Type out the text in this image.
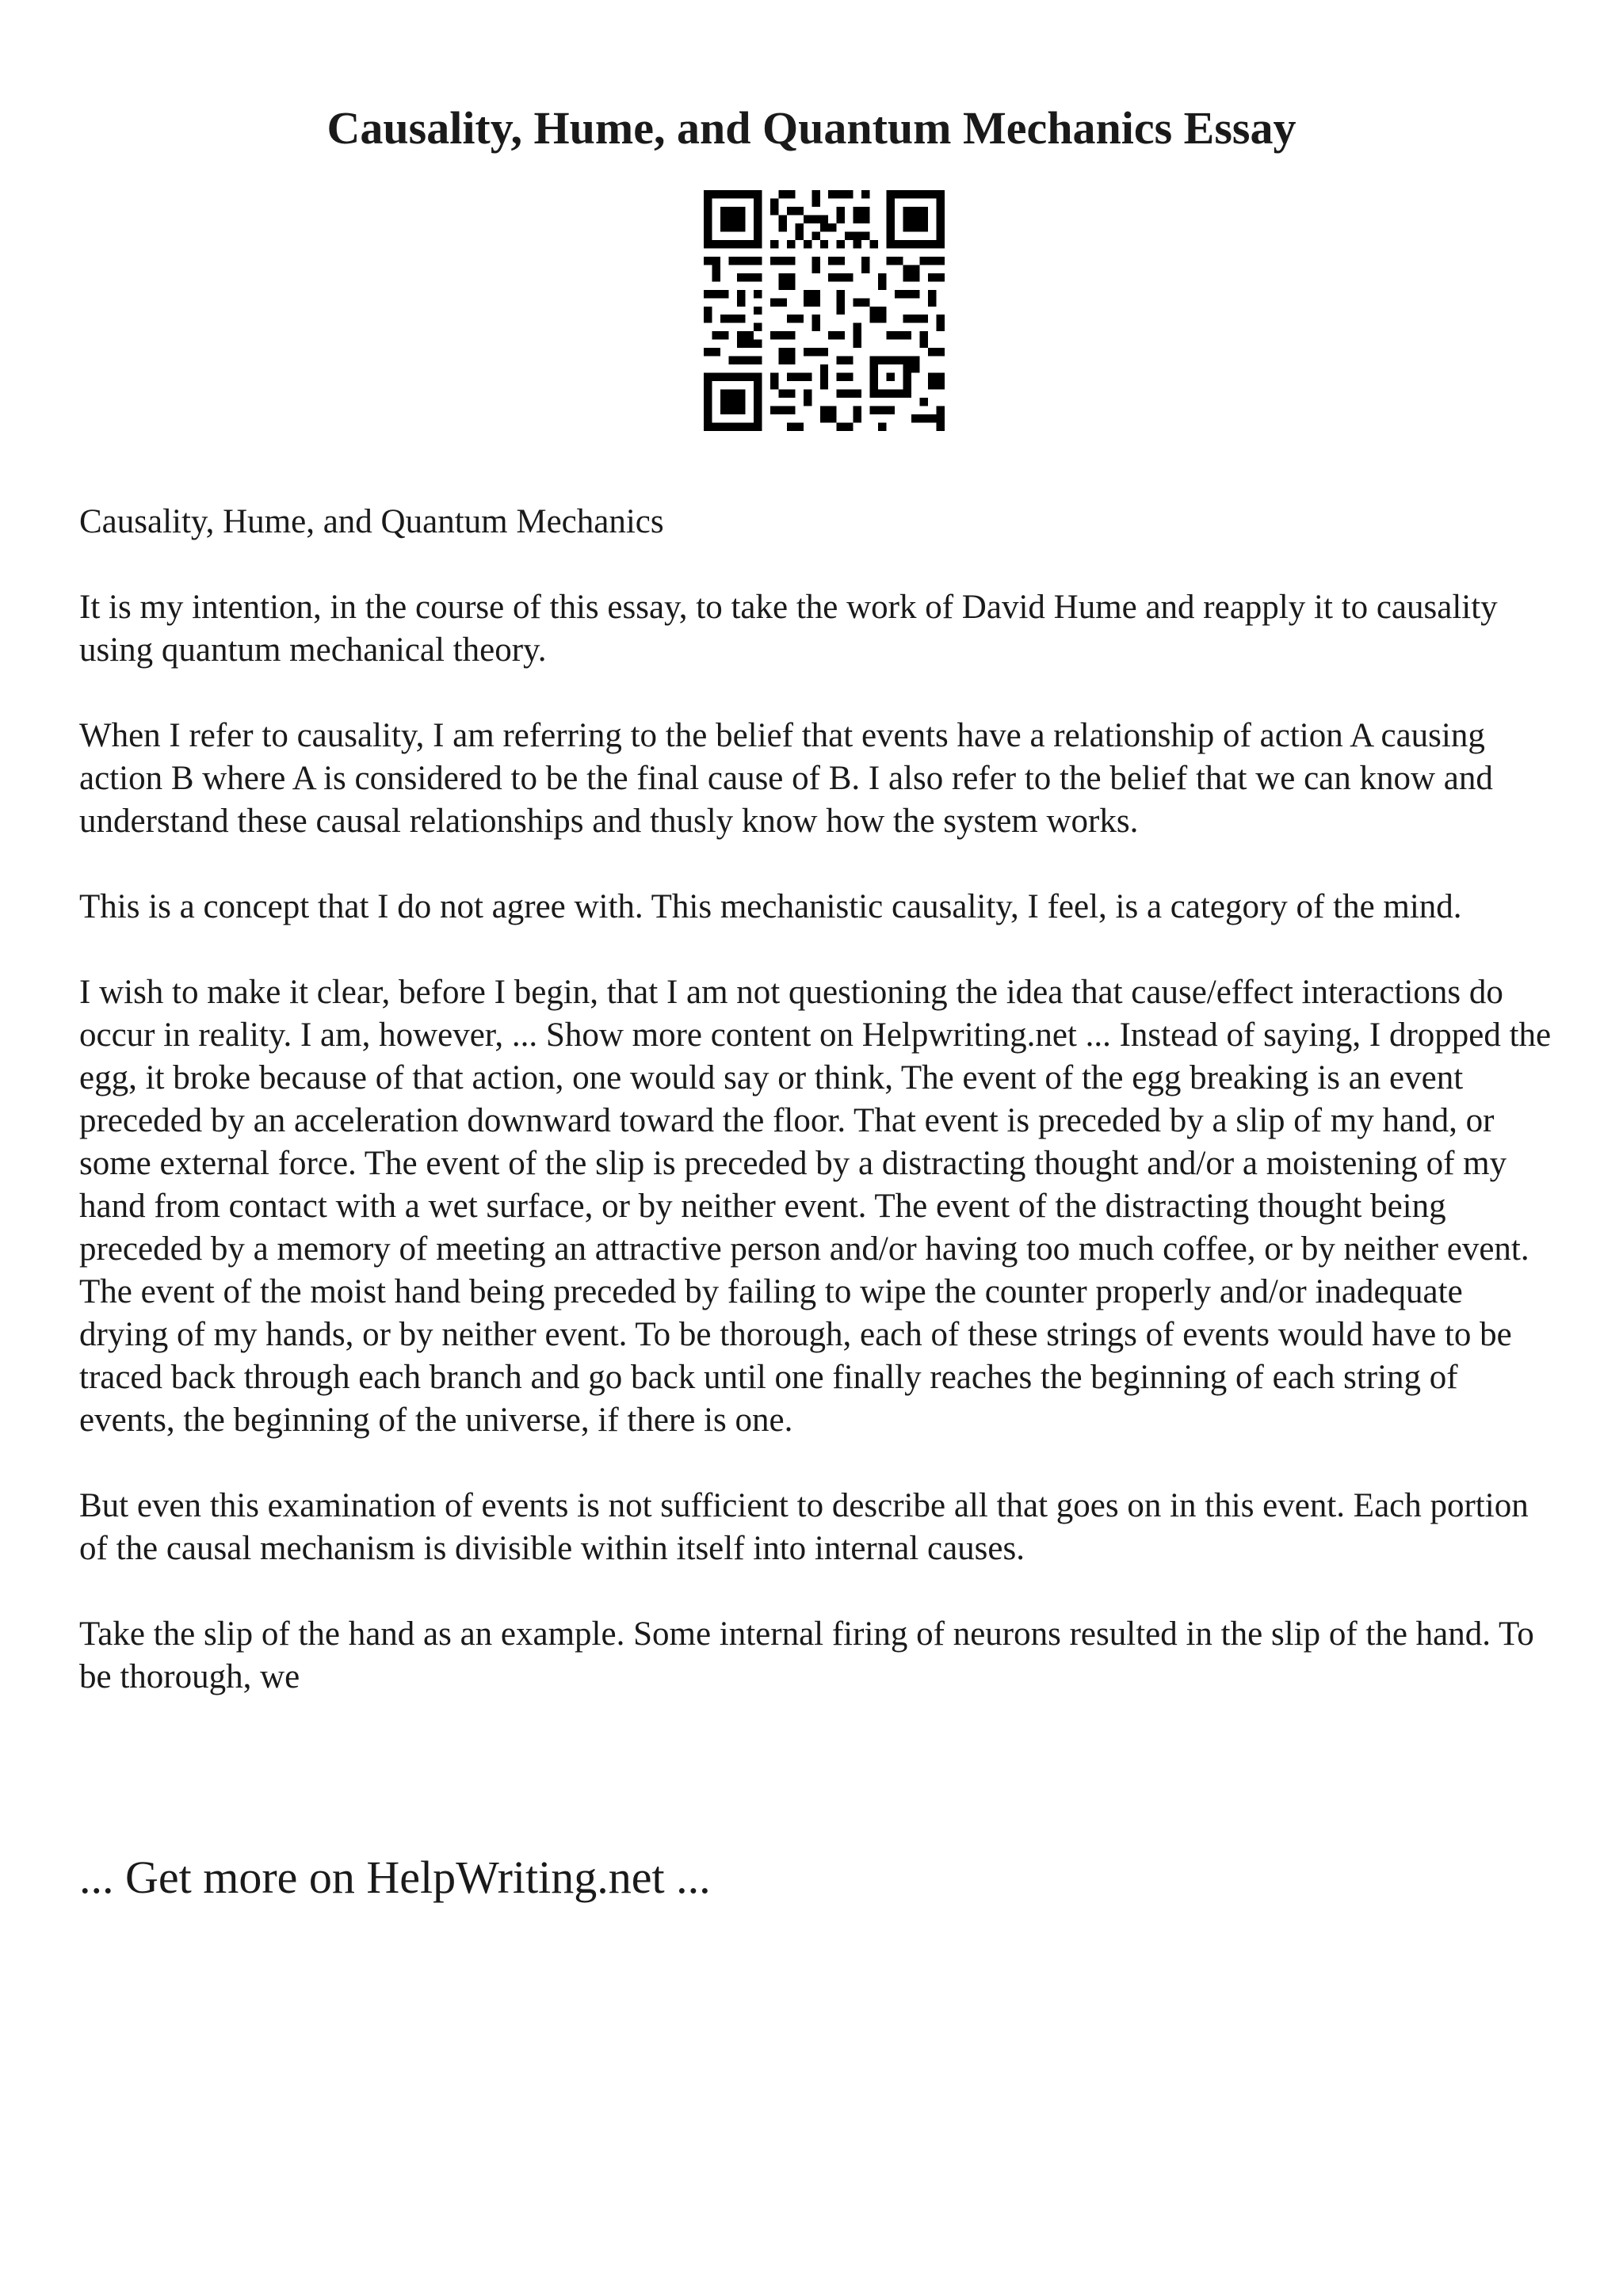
Causality, Hume, and Quantum Mechanics Essay

Causality, Hume, and Quantum Mechanics

It is my intention, in the course of this essay, to take the work of David Hume and reapply it to causality using quantum mechanical theory.

When I refer to causality, I am referring to the belief that events have a relationship of action A causing action B where A is considered to be the final cause of B. I also refer to the belief that we can know and understand these causal relationships and thusly know how the system works.

This is a concept that I do not agree with. This mechanistic causality, I feel, is a category of the mind.

I wish to make it clear, before I begin, that I am not questioning the idea that cause/effect interactions do occur in reality. I am, however, ... Show more content on Helpwriting.net ... Instead of saying, I dropped the egg, it broke because of that action, one would say or think, The event of the egg breaking is an event preceded by an acceleration downward toward the floor. That event is preceded by a slip of my hand, or some external force. The event of the slip is preceded by a distracting thought and/or a moistening of my hand from contact with a wet surface, or by neither event. The event of the distracting thought being preceded by a memory of meeting an attractive person and/or having too much coffee, or by neither event. The event of the moist hand being preceded by failing to wipe the counter properly and/or inadequate drying of my hands, or by neither event. To be thorough, each of these strings of events would have to be traced back through each branch and go back until one finally reaches the beginning of each string of events, the beginning of the universe, if there is one.

But even this examination of events is not sufficient to describe all that goes on in this event. Each portion of the causal mechanism is divisible within itself into internal causes.

Take the slip of the hand as an example. Some internal firing of neurons resulted in the slip of the hand. To be thorough, we

... Get more on HelpWriting.net ...
